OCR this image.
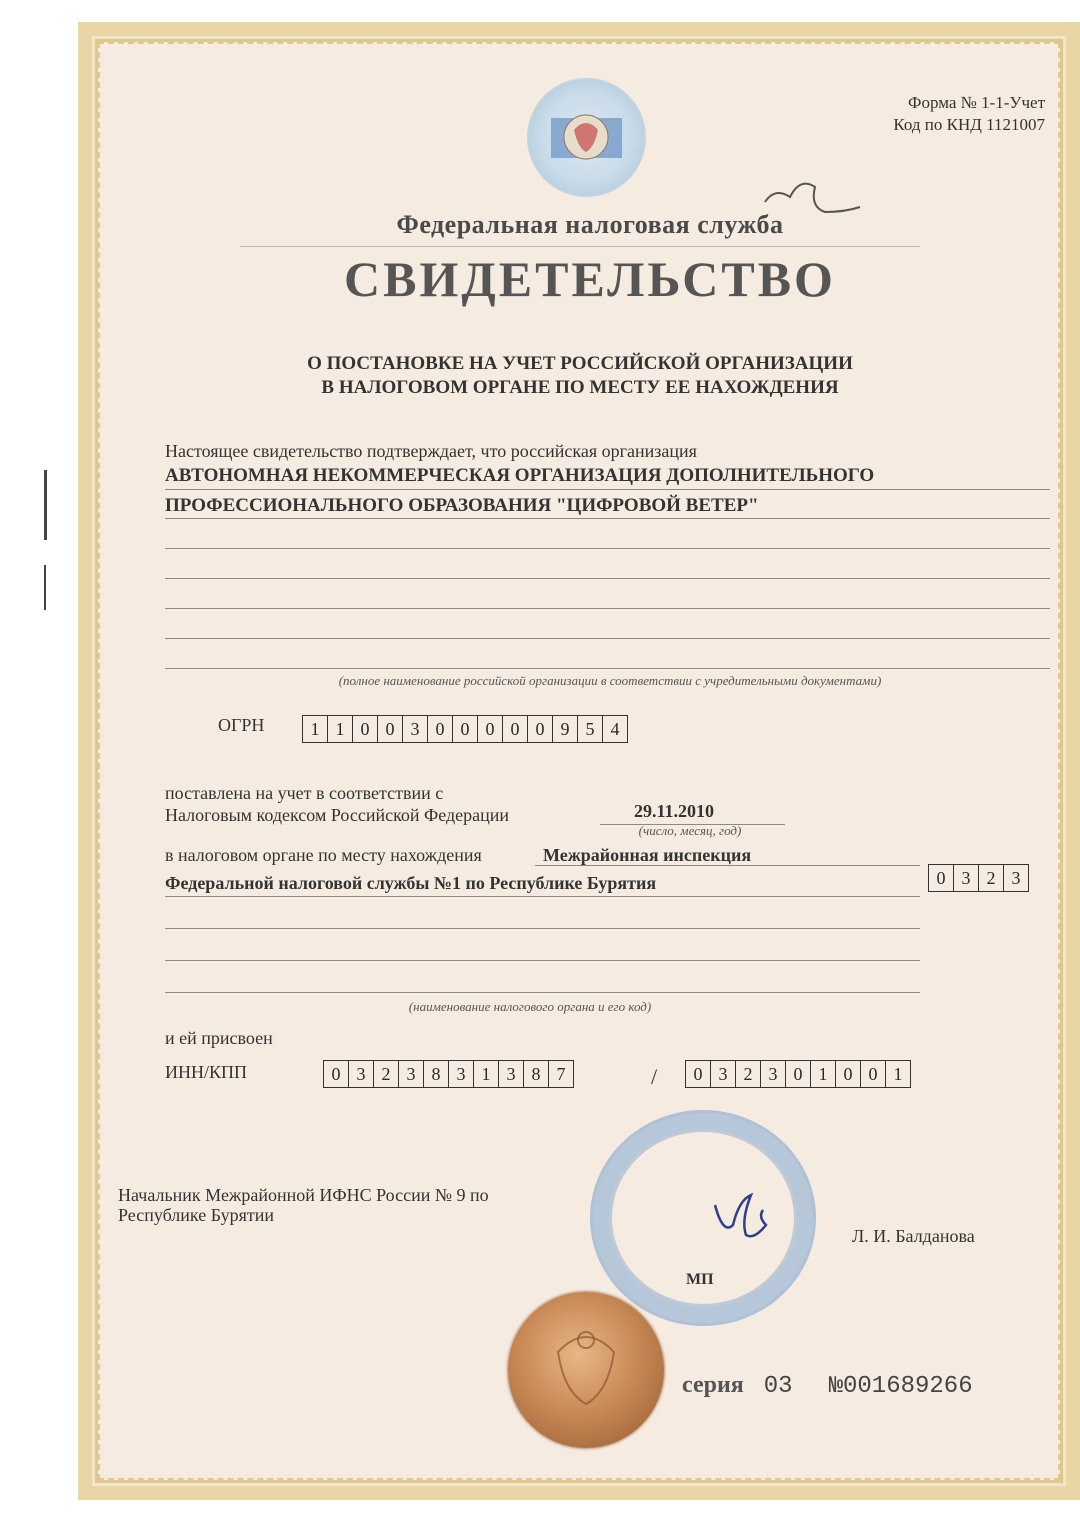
Форма № 1-1-Учет
Код по КНД 1121007
Федеральная налоговая служба
СВИДЕТЕЛЬСТВО
О ПОСТАНОВКЕ НА УЧЕТ РОССИЙСКОЙ ОРГАНИЗАЦИИ
В НАЛОГОВОМ ОРГАНЕ ПО МЕСТУ ЕЕ НАХОЖДЕНИЯ
Настоящее свидетельство подтверждает, что российская организация
АВТОНОМНАЯ НЕКОММЕРЧЕСКАЯ ОРГАНИЗАЦИЯ ДОПОЛНИТЕЛЬНОГО
ПРОФЕССИОНАЛЬНОГО ОБРАЗОВАНИЯ "ЦИФРОВОЙ ВЕТЕР"
(полное наименование российской организации в соответствии с учредительными документами)
ОГРН	1 1 0 0 3 0 0 0 0 0 9 5 4
поставлена на учет в соответствии с
Налоговым кодексом Российской Федерации	29.11.2010
(число, месяц, год)
в налоговом органе по месту нахождения	Межрайонная инспекция
Федеральной налоговой службы №1 по Республике Бурятия	0 3 2 3
(наименование налогового органа и его код)
и ей присвоен
ИНН/КПП	0 3 2 3 8 3 1 3 8 7	/	0 3 2 3 0 1 0 0 1
Начальник Межрайонной ИФНС России № 9 по
Республике Бурятии
Л. И. Балданова
МП
серия 03 №001689266
